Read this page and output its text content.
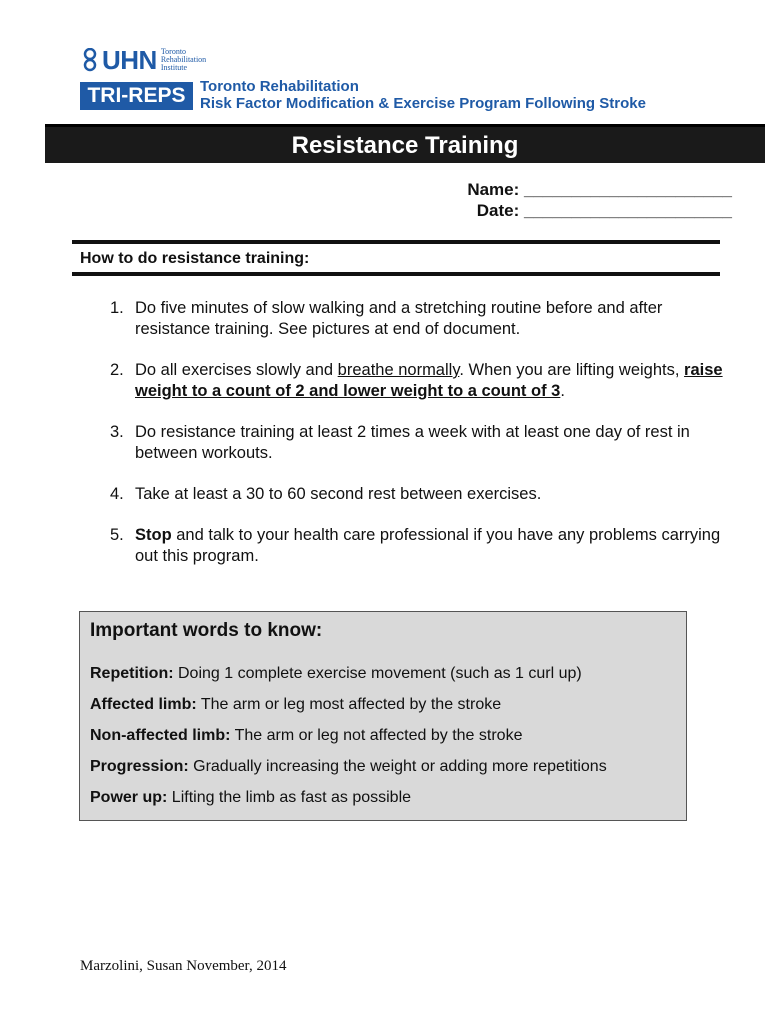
UHN Toronto
Rehabilitation
Institute
TRI-REPS Toronto Rehabilitation
Risk Factor Modification & Exercise Program Following Stroke
Resistance Training
Name: ______________________
Date: ______________________
How to do resistance training:
1. Do five minutes of slow walking and a stretching routine before and after resistance training. See pictures at end of document.
2. Do all exercises slowly and breathe normally. When you are lifting weights, raise weight to a count of 2 and lower weight to a count of 3.
3. Do resistance training at least 2 times a week with at least one day of rest in between workouts.
4. Take at least a 30 to 60 second rest between exercises.
5. Stop and talk to your health care professional if you have any problems carrying out this program.
Important words to know:
Repetition: Doing 1 complete exercise movement (such as 1 curl up)
Affected limb: The arm or leg most affected by the stroke
Non-affected limb: The arm or leg not affected by the stroke
Progression: Gradually increasing the weight or adding more repetitions
Power up: Lifting the limb as fast as possible
Marzolini, Susan November, 2014
